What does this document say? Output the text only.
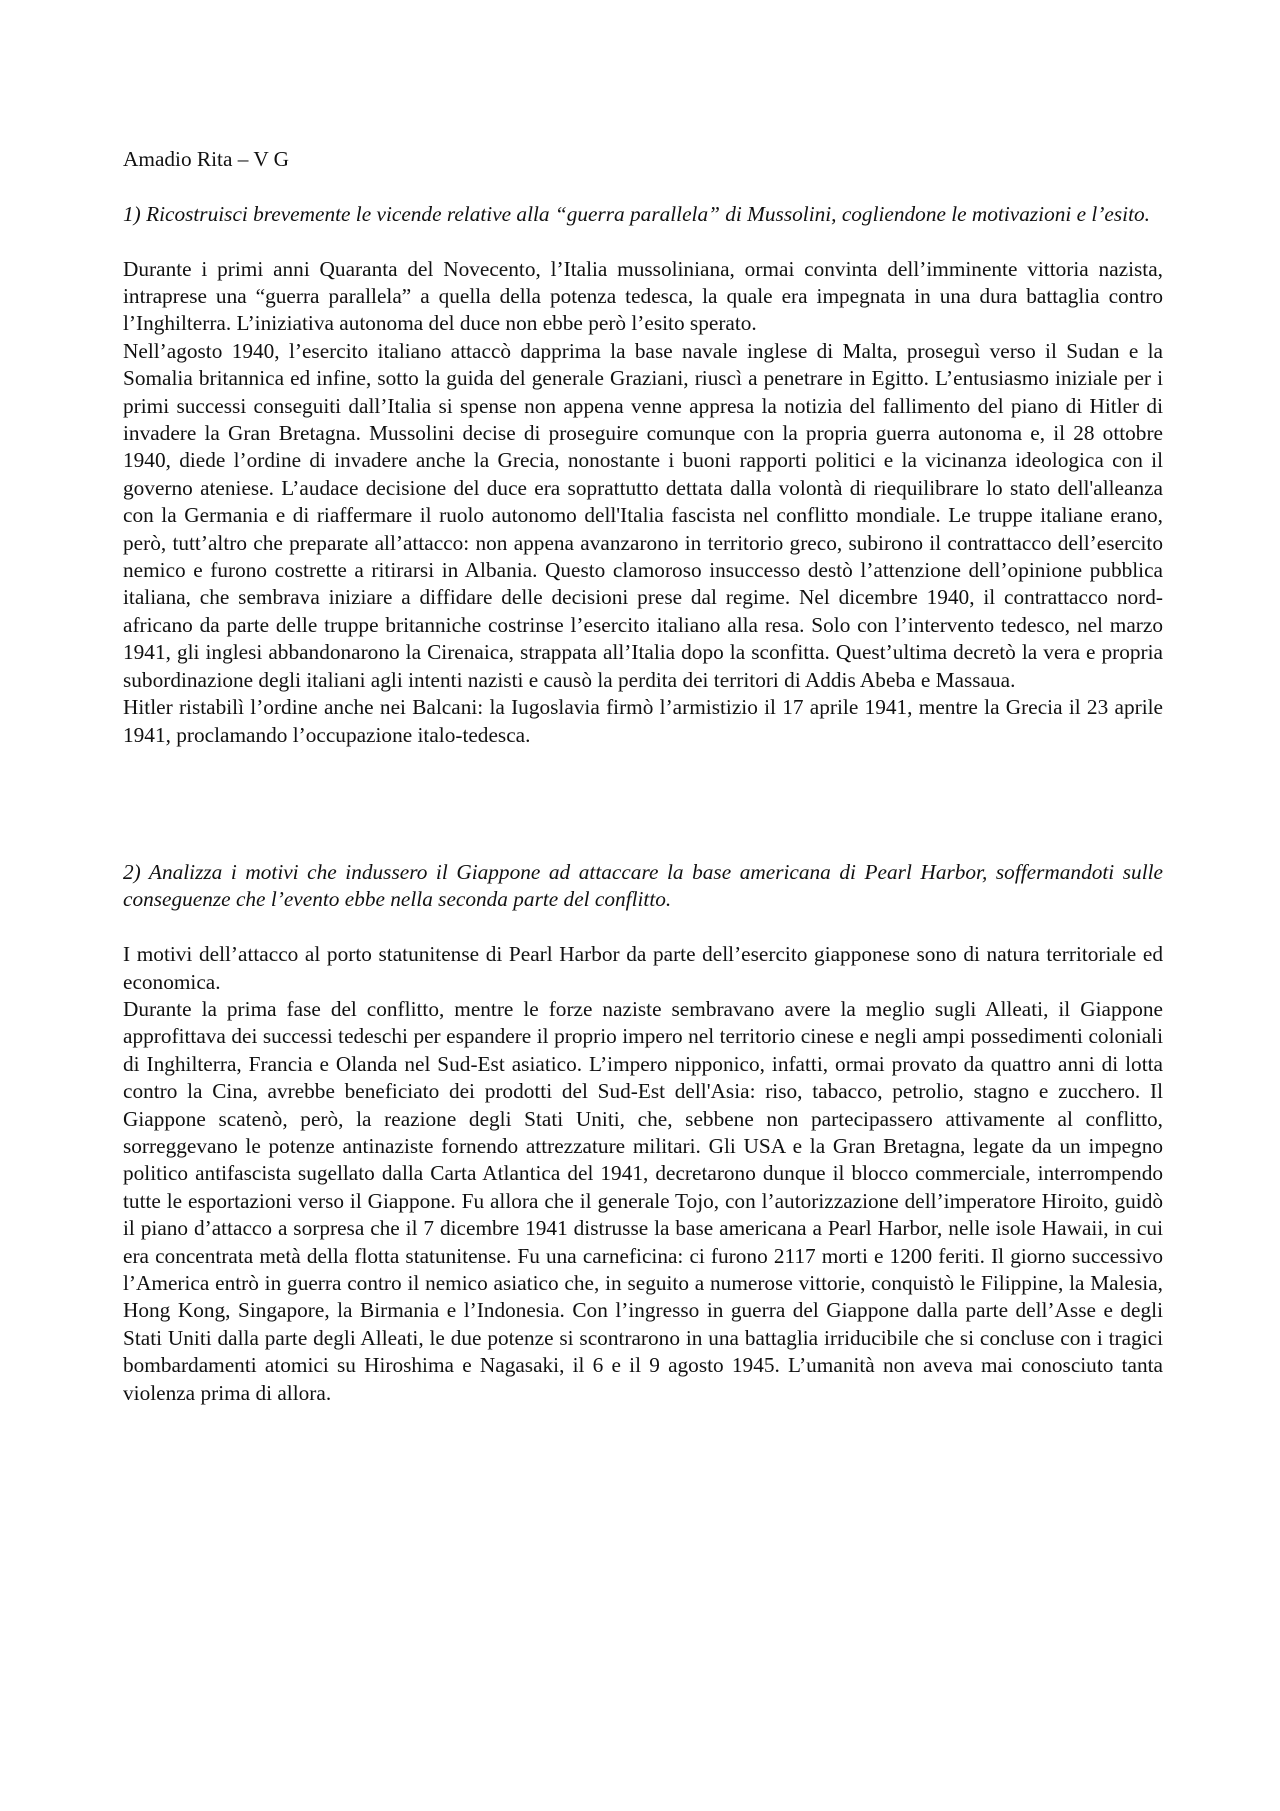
Amadio Rita – V G

1) Ricostruisci brevemente le vicende relative alla “guerra parallela” di Mussolini, cogliendone le motivazioni e l’esito.

Durante i primi anni Quaranta del Novecento, l’Italia mussoliniana, ormai convinta dell’imminente vittoria nazista, intraprese una “guerra parallela” a quella della potenza tedesca, la quale era impegnata in una dura battaglia contro l’Inghilterra. L’iniziativa autonoma del duce non ebbe però l’esito sperato.

Nell’agosto 1940, l’esercito italiano attaccò dapprima la base navale inglese di Malta, proseguì verso il Sudan e la Somalia britannica ed infine, sotto la guida del generale Graziani, riuscì a penetrare in Egitto. L’entusiasmo iniziale per i primi successi conseguiti dall’Italia si spense non appena venne appresa la notizia del fallimento del piano di Hitler di invadere la Gran Bretagna. Mussolini decise di proseguire comunque con la propria guerra autonoma e, il 28 ottobre 1940, diede l’ordine di invadere anche la Grecia, nonostante i buoni rapporti politici e la vicinanza ideologica con il governo ateniese. L’audace decisione del duce era soprattutto dettata dalla volontà di riequilibrare lo stato dell'alleanza con la Germania e di riaffermare il ruolo autonomo dell'Italia fascista nel conflitto mondiale. Le truppe italiane erano, però, tutt’altro che preparate all’attacco: non appena avanzarono in territorio greco, subirono il contrattacco dell’esercito nemico e furono costrette a ritirarsi in Albania. Questo clamoroso insuccesso destò l’attenzione dell’opinione pubblica italiana, che sembrava iniziare a diffidare delle decisioni prese dal regime. Nel dicembre 1940, il contrattacco nord-africano da parte delle truppe britanniche costrinse l’esercito italiano alla resa. Solo con l’intervento tedesco, nel marzo 1941, gli inglesi abbandonarono la Cirenaica, strappata all’Italia dopo la sconfitta. Quest’ultima decretò la vera e propria subordinazione degli italiani agli intenti nazisti e causò la perdita dei territori di Addis Abeba e Massaua.

Hitler ristabilì l’ordine anche nei Balcani: la Iugoslavia firmò l’armistizio il 17 aprile 1941, mentre la Grecia il 23 aprile 1941, proclamando l’occupazione italo-tedesca.

2) Analizza i motivi che indussero il Giappone ad attaccare la base americana di Pearl Harbor, soffermandoti sulle conseguenze che l’evento ebbe nella seconda parte del conflitto.

I motivi dell’attacco al porto statunitense di Pearl Harbor da parte dell’esercito giapponese sono di natura territoriale ed economica.

Durante la prima fase del conflitto, mentre le forze naziste sembravano avere la meglio sugli Alleati, il Giappone approfittava dei successi tedeschi per espandere il proprio impero nel territorio cinese e negli ampi possedimenti coloniali di Inghilterra, Francia e Olanda nel Sud-Est asiatico. L’impero nipponico, infatti, ormai provato da quattro anni di lotta contro la Cina, avrebbe beneficiato dei prodotti del Sud-Est dell'Asia: riso, tabacco, petrolio, stagno e zucchero. Il Giappone scatenò, però, la reazione degli Stati Uniti, che, sebbene non partecipassero attivamente al conflitto, sorreggevano le potenze antinaziste fornendo attrezzature militari. Gli USA e la Gran Bretagna, legate da un impegno politico antifascista sugellato dalla Carta Atlantica del 1941, decretarono dunque il blocco commerciale, interrompendo tutte le esportazioni verso il Giappone. Fu allora che il generale Tojo, con l’autorizzazione dell’imperatore Hiroito, guidò il piano d’attacco a sorpresa che il 7 dicembre 1941 distrusse la base americana a Pearl Harbor, nelle isole Hawaii, in cui era concentrata metà della flotta statunitense. Fu una carneficina: ci furono 2117 morti e 1200 feriti. Il giorno successivo l’America entrò in guerra contro il nemico asiatico che, in seguito a numerose vittorie, conquistò le Filippine, la Malesia, Hong Kong, Singapore, la Birmania e l’Indonesia. Con l’ingresso in guerra del Giappone dalla parte dell’Asse e degli Stati Uniti dalla parte degli Alleati, le due potenze si scontrarono in una battaglia irriducibile che si concluse con i tragici bombardamenti atomici su Hiroshima e Nagasaki, il 6 e il 9 agosto 1945. L’umanità non aveva mai conosciuto tanta violenza prima di allora.
